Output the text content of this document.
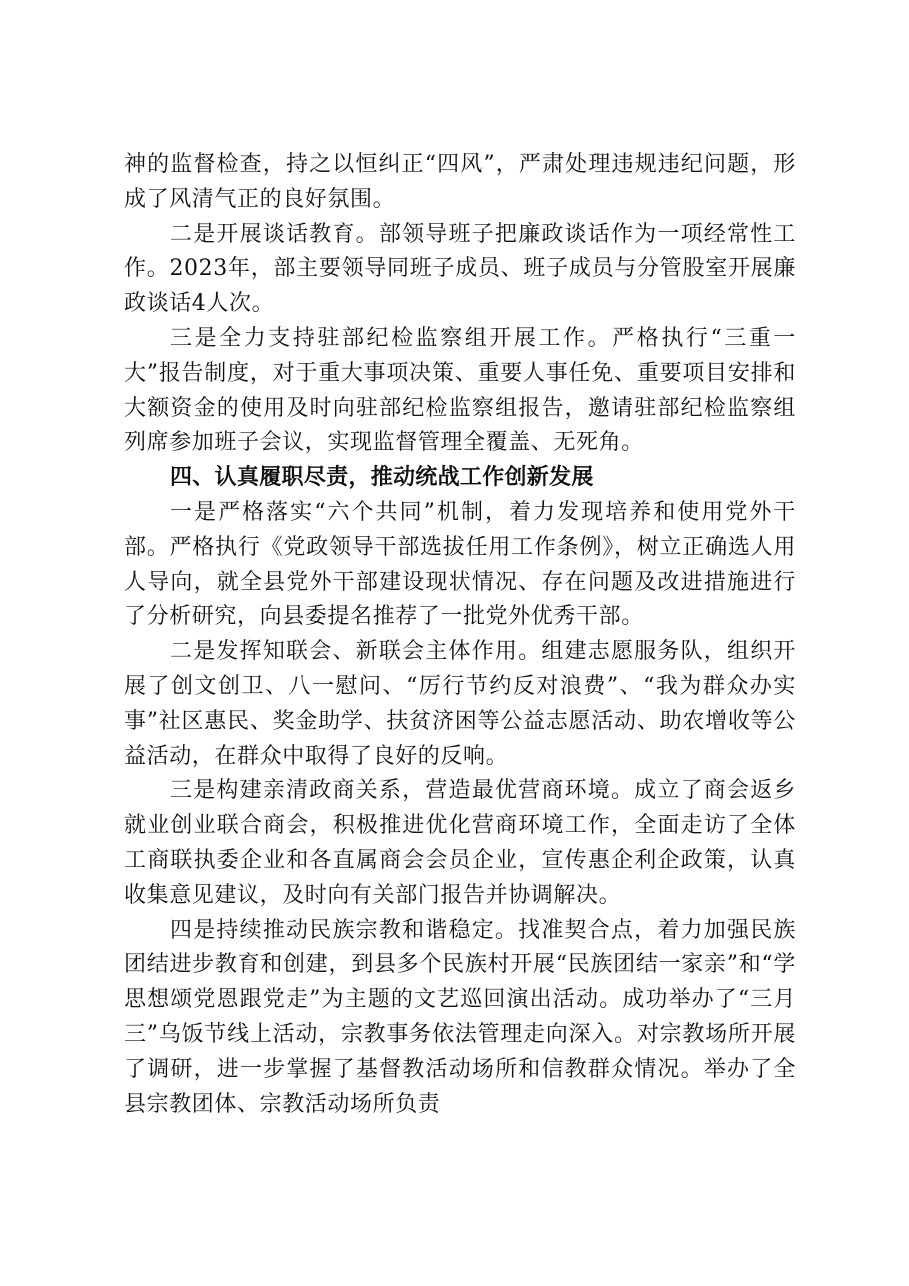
神的监督检查，持之以恒纠正“四风”，严肃处理违规违纪问题，形成了风清气正的良好氛围。

二是开展谈话教育。部领导班子把廉政谈话作为一项经常性工作。2023年，部主要领导同班子成员、班子成员与分管股室开展廉政谈话4人次。

三是全力支持驻部纪检监察组开展工作。严格执行“三重一大”报告制度，对于重大事项决策、重要人事任免、重要项目安排和大额资金的使用及时向驻部纪检监察组报告，邀请驻部纪检监察组列席参加班子会议，实现监督管理全覆盖、无死角。

四、认真履职尽责，推动统战工作创新发展

一是严格落实“六个共同”机制，着力发现培养和使用党外干部。严格执行《党政领导干部选拔任用工作条例》，树立正确选人用人导向，就全县党外干部建设现状情况、存在问题及改进措施进行了分析研究，向县委提名推荐了一批党外优秀干部。

二是发挥知联会、新联会主体作用。组建志愿服务队，组织开展了创文创卫、八一慰问、“厉行节约反对浪费”、“我为群众办实事”社区惠民、奖金助学、扶贫济困等公益志愿活动、助农增收等公益活动，在群众中取得了良好的反响。

三是构建亲清政商关系，营造最优营商环境。成立了商会返乡就业创业联合商会，积极推进优化营商环境工作，全面走访了全体工商联执委企业和各直属商会会员企业，宣传惠企利企政策，认真收集意见建议，及时向有关部门报告并协调解决。

四是持续推动民族宗教和谐稳定。找准契合点，着力加强民族团结进步教育和创建，到县多个民族村开展“民族团结一家亲”和“学思想颂党恩跟党走”为主题的文艺巡回演出活动。成功举办了“三月三”乌饭节线上活动，宗教事务依法管理走向深入。对宗教场所开展了调研，进一步掌握了基督教活动场所和信教群众情况。举办了全县宗教团体、宗教活动场所负责
